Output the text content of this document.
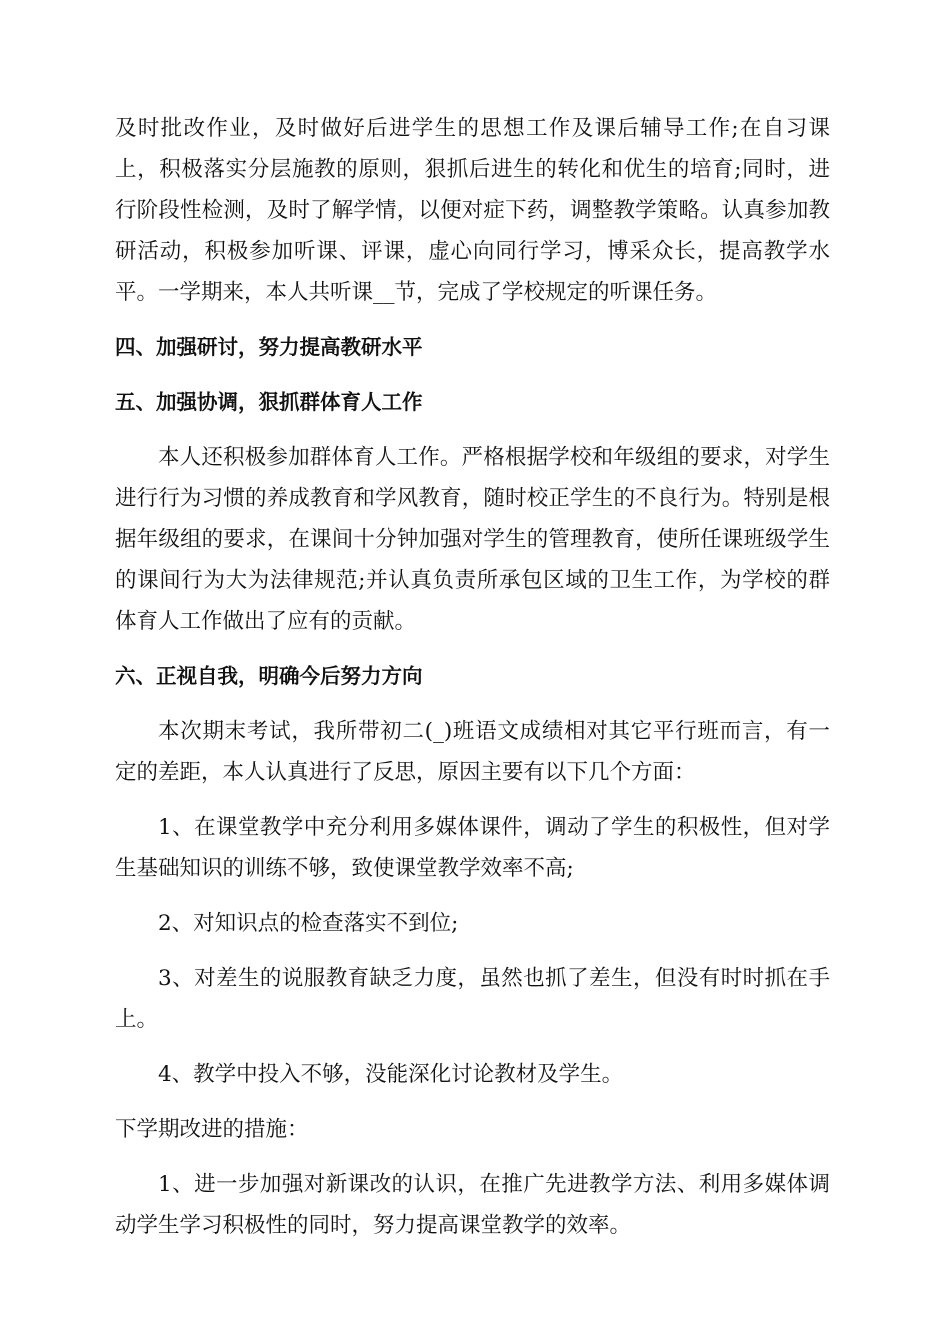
及时批改作业，及时做好后进学生的思想工作及课后辅导工作;在自习课上，积极落实分层施教的原则，狠抓后进生的转化和优生的培育;同时，进行阶段性检测，及时了解学情，以便对症下药，调整教学策略。认真参加教研活动，积极参加听课、评课，虚心向同行学习，博采众长，提高教学水平。一学期来，本人共听课__节，完成了学校规定的听课任务。

四、加强研讨，努力提高教研水平

五、加强协调，狠抓群体育人工作

本人还积极参加群体育人工作。严格根据学校和年级组的要求，对学生进行行为习惯的养成教育和学风教育，随时校正学生的不良行为。特别是根据年级组的要求，在课间十分钟加强对学生的管理教育，使所任课班级学生的课间行为大为法律规范;并认真负责所承包区域的卫生工作，为学校的群体育人工作做出了应有的贡献。

六、正视自我，明确今后努力方向

本次期末考试，我所带初二(_)班语文成绩相对其它平行班而言，有一定的差距，本人认真进行了反思，原因主要有以下几个方面：

1、在课堂教学中充分利用多媒体课件，调动了学生的积极性，但对学生基础知识的训练不够，致使课堂教学效率不高;

2、对知识点的检查落实不到位;

3、对差生的说服教育缺乏力度，虽然也抓了差生，但没有时时抓在手上。

4、教学中投入不够，没能深化讨论教材及学生。

下学期改进的措施：

1、进一步加强对新课改的认识，在推广先进教学方法、利用多媒体调动学生学习积极性的同时，努力提高课堂教学的效率。
